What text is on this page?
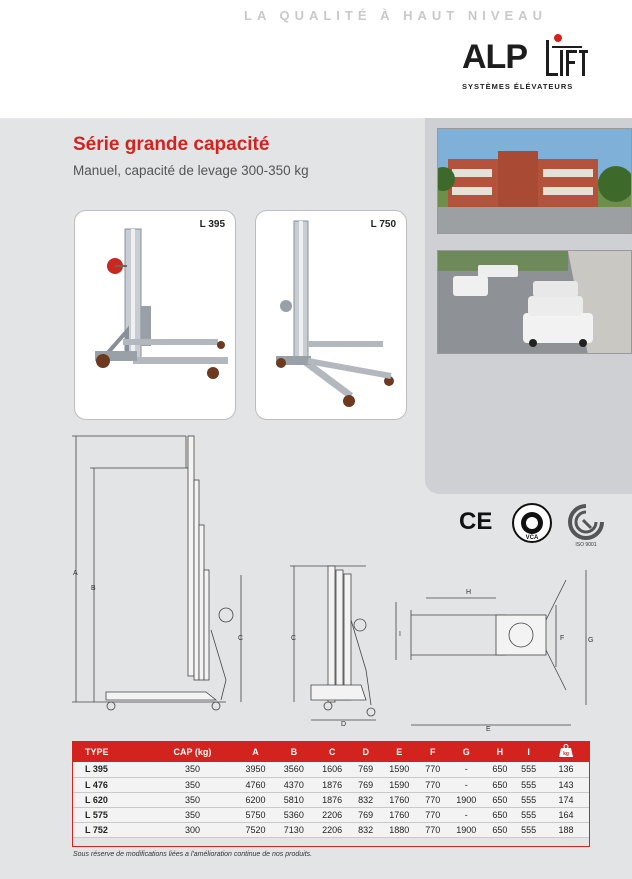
LA QUALITÉ À HAUT NIVEAU
ALP
SYSTÈMES ÉLÉVATEURS
Série grande capacité
Manuel, capacité de levage 300-350 kg
L 395	L 750
CE
VCA
ISO 9001
A
B
C	C
D
E
F	G
H
I
TYPE	CAP (kg)	A	B	C	D	E	F	G	H	I	kg

L 395	350	3950	3560	1606	769	1590	770	-	650	555	136
L 476	350	4760	4370	1876	769	1590	770	-	650	555	143
L 620	350	6200	5810	1876	832	1760	770	1900	650	555	174
L 575	350	5750	5360	2206	769	1760	770	-	650	555	164
L 752	300	7520	7130	2206	832	1880	770	1900	650	555	188
Sous réserve de modifications liées a l'amélioration continue de nos produits.
